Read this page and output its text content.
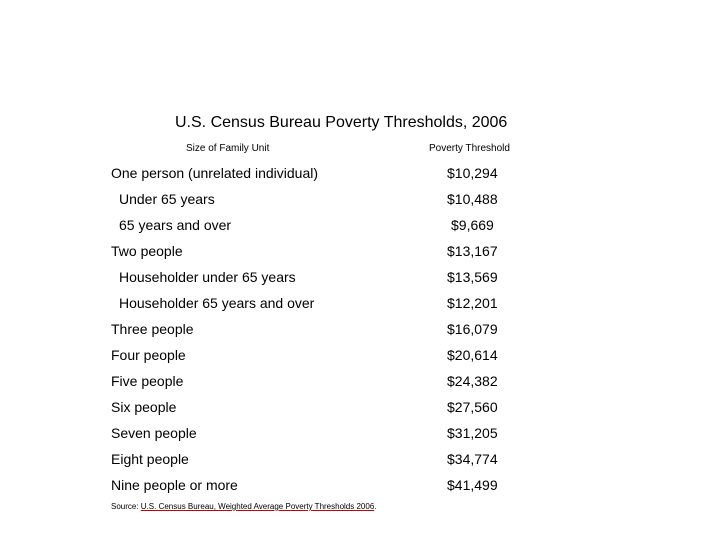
U.S. Census Bureau Poverty Thresholds, 2006
Size of Family Unit	Poverty Threshold
One person (unrelated individual)	$10,294
Under 65 years	$10,488
65 years and over	$9,669
Two people	$13,167
Householder under 65 years	$13,569
Householder 65 years and over	$12,201
Three people	$16,079
Four people	$20,614
Five people	$24,382
Six people	$27,560
Seven people	$31,205
Eight people	$34,774
Nine people or more	$41,499
Source: U.S. Census Bureau, Weighted Average Poverty Thresholds 2006.
